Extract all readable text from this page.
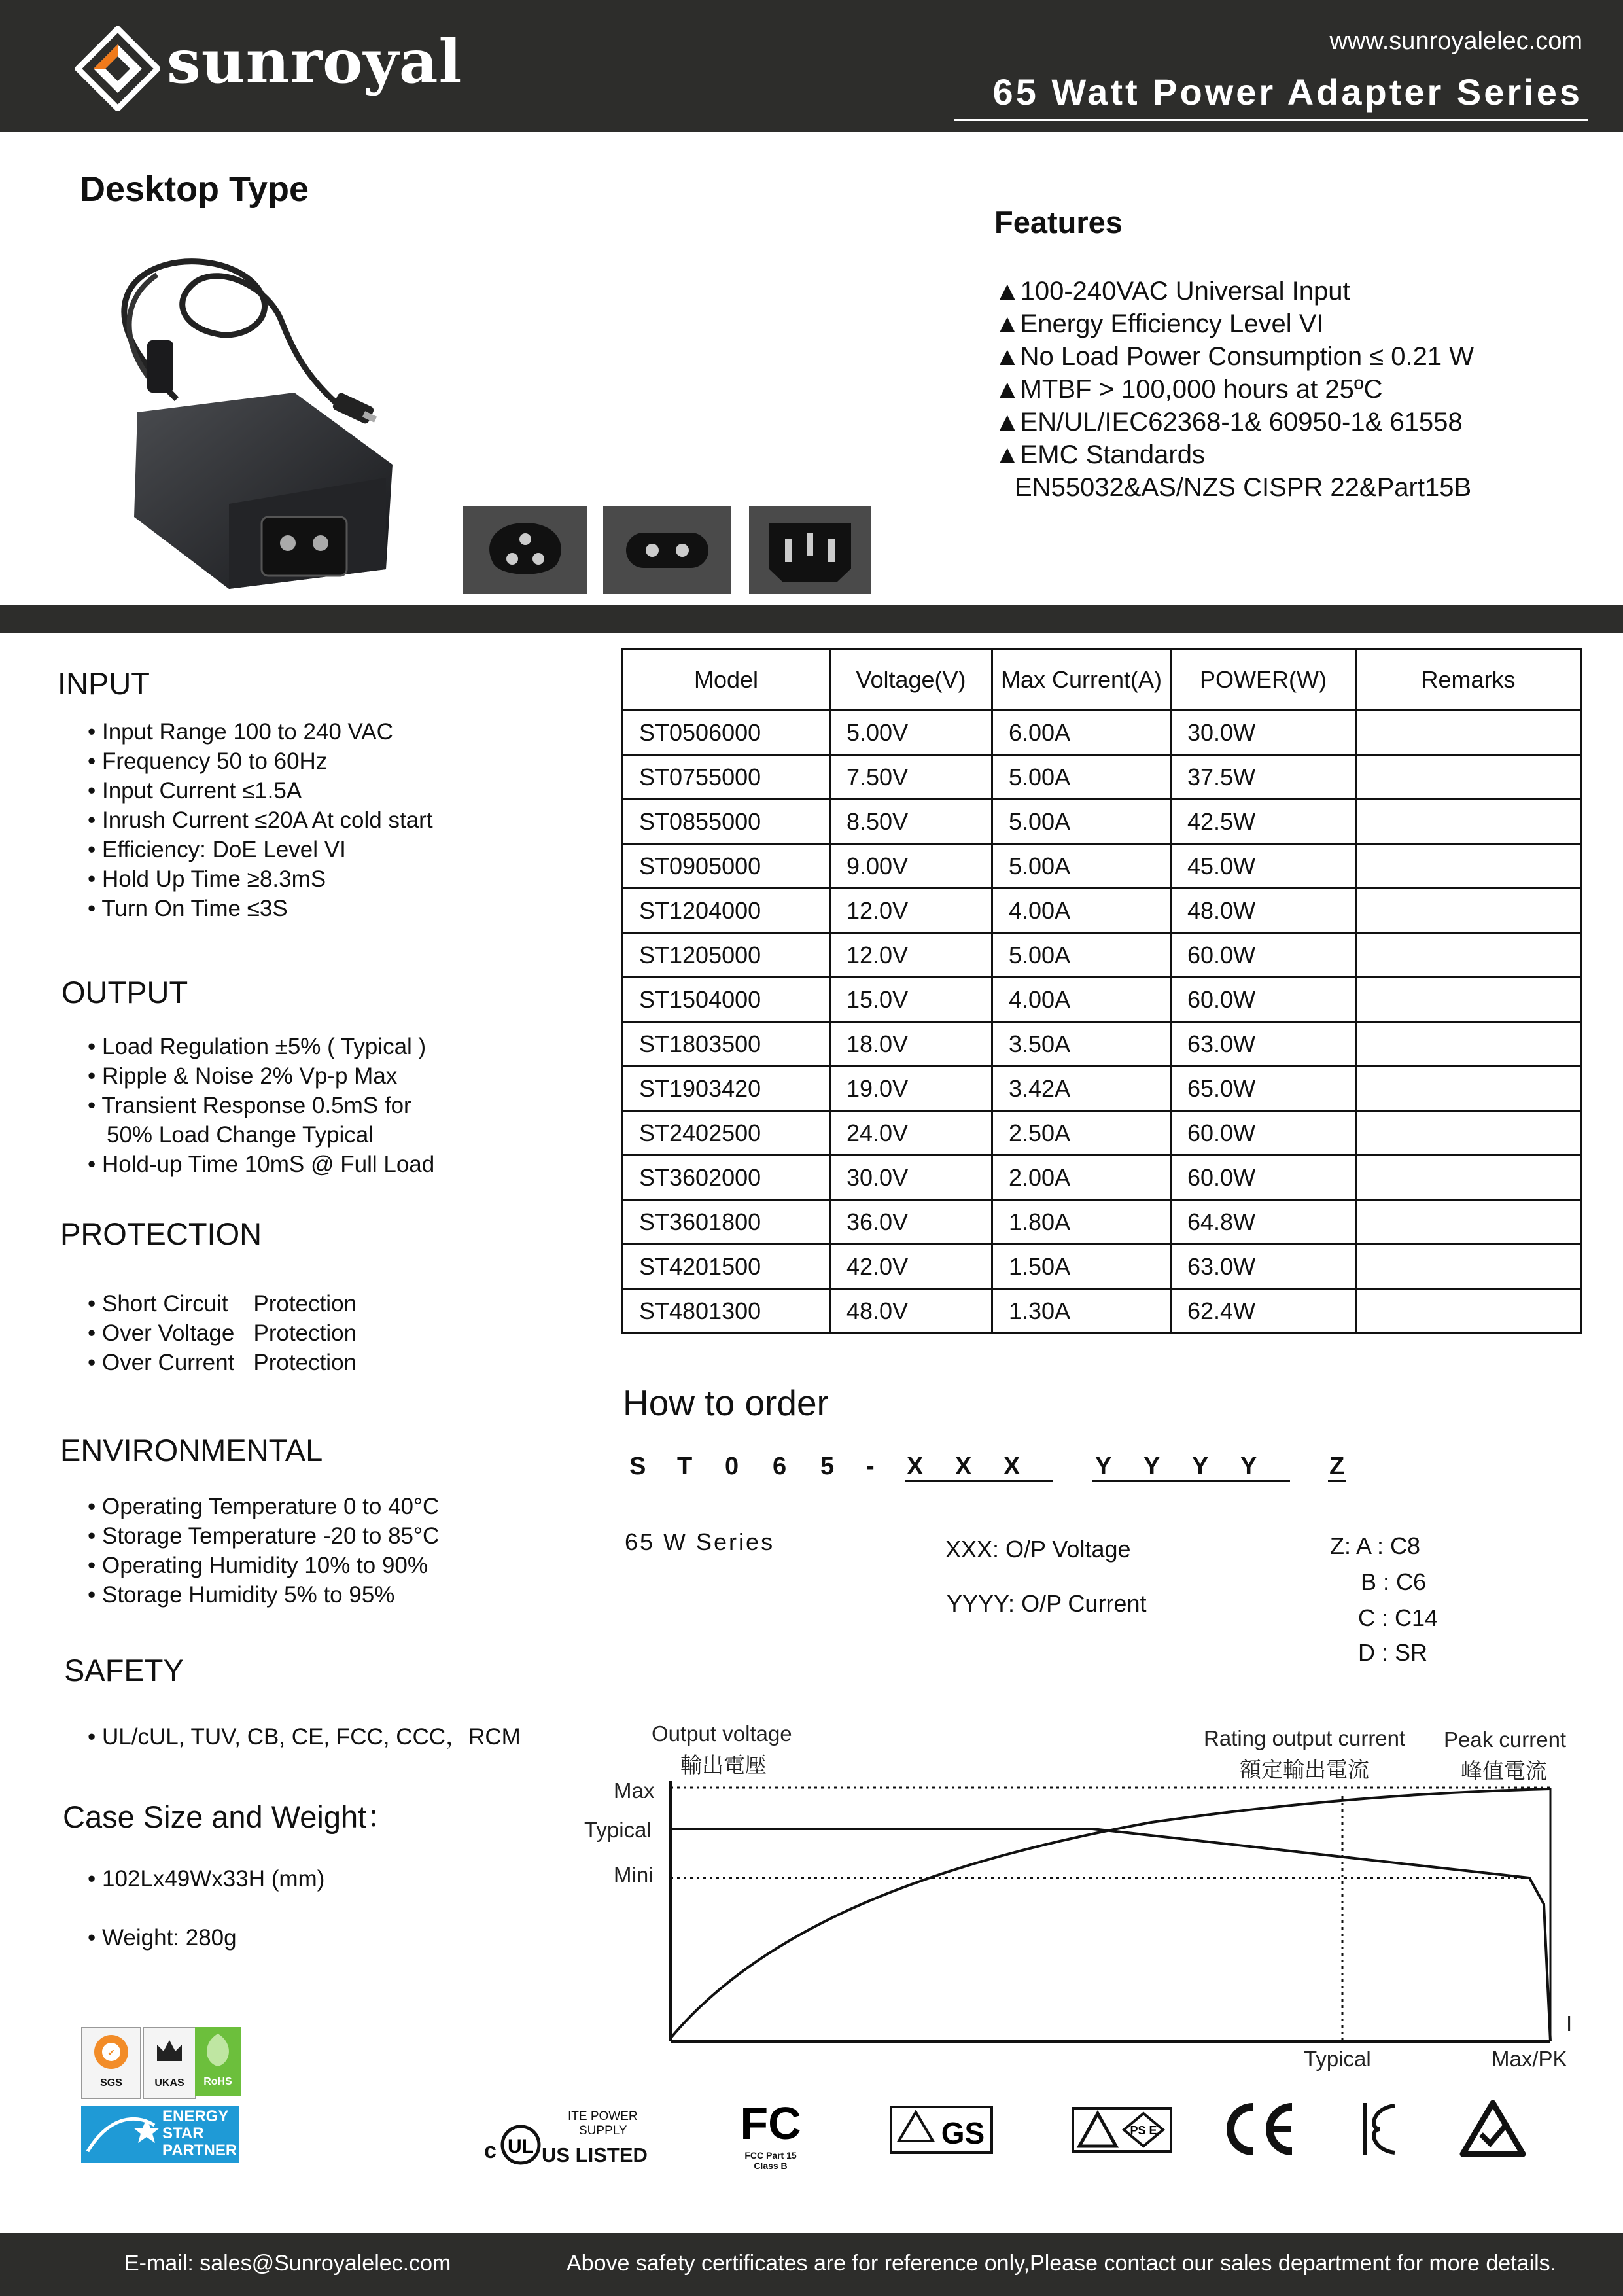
sunroyal	www.sunroyalelec.com
65 Watt Power Adapter Series
Desktop Type
Features
▲100-240VAC Universal Input
▲Energy Efficiency Level VI
▲No Load Power Consumption ≤ 0.21 W
▲MTBF > 100,000 hours at 25ºC
▲EN/UL/IEC62368-1& 60950-1& 61558
▲EMC Standards
EN55032&AS/NZS CISPR 22&Part15B
INPUT
• Input Range 100 to 240 VAC
• Frequency 50 to 60Hz
• Input Current ≤1.5A
• Inrush Current ≤20A At cold start
• Efficiency: DoE Level VI
• Hold Up Time ≥8.3mS
• Turn On Time ≤3S
OUTPUT
• Load Regulation ±5% ( Typical )
• Ripple & Noise 2% Vp-p Max
• Transient Response 0.5mS for
50% Load Change Typical
• Hold-up Time 10mS @ Full Load
PROTECTION
• Short Circuit    Protection
• Over Voltage   Protection
• Over Current   Protection
ENVIRONMENTAL
• Operating Temperature 0 to 40°C
• Storage Temperature -20 to 85°C
• Operating Humidity 10% to 90%
• Storage Humidity 5% to 95%
SAFETY
• UL/cUL, TUV, CB, CE, FCC, CCC，RCM
Case Size and Weight：
• 102Lx49Wx33H (mm)
• Weight: 280g
Model	Voltage(V)	Max Current(A)	POWER(W)	Remarks
ST0506000	5.00V	6.00A	30.0W	
ST0755000	7.50V	5.00A	37.5W	
ST0855000	8.50V	5.00A	42.5W	
ST0905000	9.00V	5.00A	45.0W	
ST1204000	12.0V	4.00A	48.0W	
ST1205000	12.0V	5.00A	60.0W	
ST1504000	15.0V	4.00A	60.0W	
ST1803500	18.0V	3.50A	63.0W	
ST1903420	19.0V	3.42A	65.0W	
ST2402500	24.0V	2.50A	60.0W	
ST3602000	30.0V	2.00A	60.0W	
ST3601800	36.0V	1.80A	64.8W	
ST4201500	42.0V	1.50A	63.0W	
ST4801300	48.0V	1.30A	62.4W	
How to order
S T 0 6 5 - X X X	Y Y Y Y	Z
65 W Series	XXX: O/P Voltage
YYYY: O/P Current
Z: A : C8
B : C6
C : C14
D : SR
Output voltage
輸出電壓
Rating output current
額定輸出電流
Peak current
峰值電流
Max
Typical
Mini
Typical	Max/PK
I
✔
SGS	UKAS	RoHS
ENERGY STAR PARTNER
ITE POWER
SUPPLY
c UL US LISTED
FC
FCC Part 15
Class B
GS	PS E
E-mail: sales@Sunroyalelec.com	Above safety certificates are for reference only,Please contact our sales department for more details.
